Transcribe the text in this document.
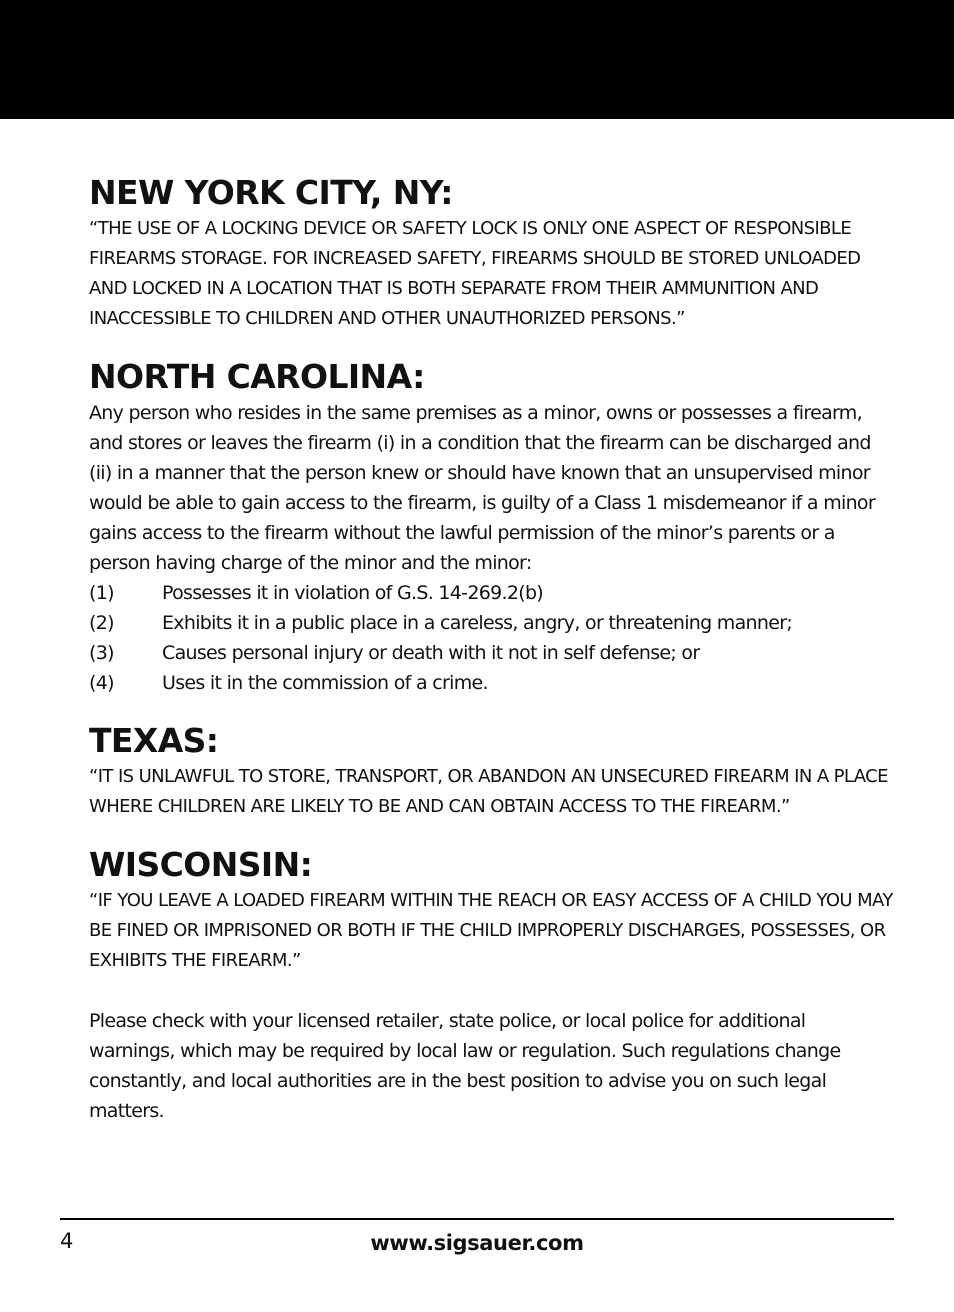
NEW YORK CITY, NY:

“THE USE OF A LOCKING DEVICE OR SAFETY LOCK IS ONLY ONE ASPECT OF RESPONSIBLE FIREARMS STORAGE. FOR INCREASED SAFETY, FIREARMS SHOULD BE STORED UNLOADED AND LOCKED IN A LOCATION THAT IS BOTH SEPARATE FROM THEIR AMMUNITION AND INACCESSIBLE TO CHILDREN AND OTHER UNAUTHORIZED PERSONS.”

NORTH CAROLINA:

Any person who resides in the same premises as a minor, owns or possesses a firearm, and stores or leaves the firearm (i) in a condition that the firearm can be discharged and (ii) in a manner that the person knew or should have known that an unsupervised minor would be able to gain access to the firearm, is guilty of a Class 1 misdemeanor if a minor gains access to the firearm without the lawful permission of the minor’s parents or a person having charge of the minor and the minor:

(1)	Possesses it in violation of G.S. 14-269.2(b)
(2)	Exhibits it in a public place in a careless, angry, or threatening manner;
(3)	Causes personal injury or death with it not in self defense; or
(4)	Uses it in the commission of a crime.
TEXAS:

“IT IS UNLAWFUL TO STORE, TRANSPORT, OR ABANDON AN UNSECURED FIREARM IN A PLACE WHERE CHILDREN ARE LIKELY TO BE AND CAN OBTAIN ACCESS TO THE FIREARM.”

WISCONSIN:

“IF YOU LEAVE A LOADED FIREARM WITHIN THE REACH OR EASY ACCESS OF A CHILD YOU MAY BE FINED OR IMPRISONED OR BOTH IF THE CHILD IMPROPERLY DISCHARGES, POSSESSES, OR EXHIBITS THE FIREARM.”

Please check with your licensed retailer, state police, or local police for additional warnings, which may be required by local law or regulation. Such regulations change constantly, and local authorities are in the best position to advise you on such legal matters.

4	www.sigsauer.com
